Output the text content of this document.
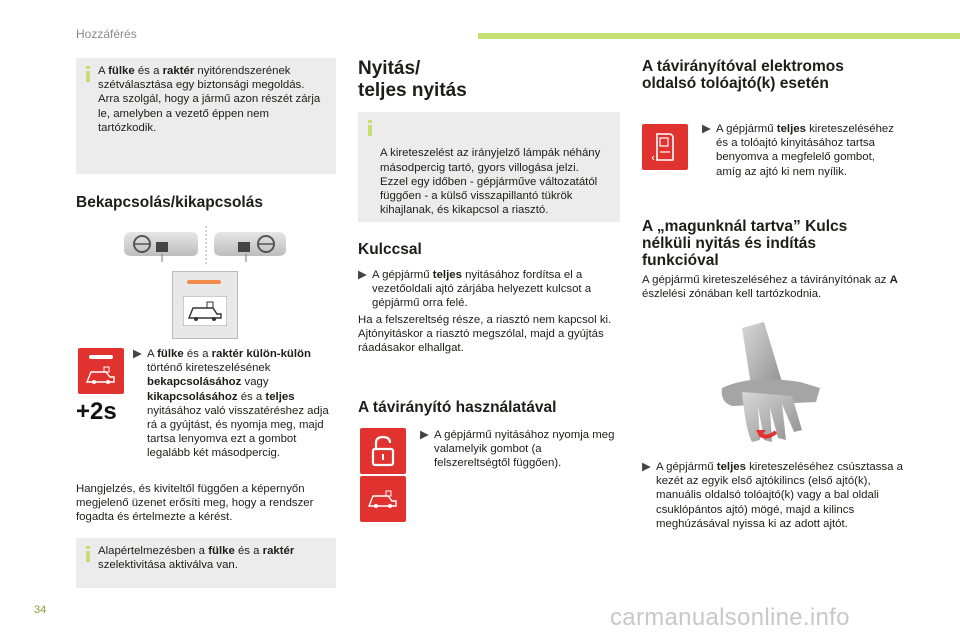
Hozzáférés
A fülke és a raktér nyitórendszerének szétválasztása egy biztonsági megoldás. Arra szolgál, hogy a jármű azon részét zárja le, amelyben a vezető éppen nem tartózkodik.
Bekapcsolás/kikapcsolás
+2s
▶ A fülke és a raktér külön-külön történő kireteszelésének bekapcsolásához vagy kikapcsolásához és a teljes nyitásához való visszatéréshez adja rá a gyújtást, és nyomja meg, majd tartsa lenyomva ezt a gombot legalább két másodpercig.
Hangjelzés, és kiviteltől függően a képernyőn megjelenő üzenet erősíti meg, hogy a rendszer fogadta és értelmezte a kérést.
Alapértelmezésben a fülke és a raktér szelektivitása aktiválva van.
Nyitás/
teljes nyitás

A kireteszelést az irányjelző lámpák néhány másodpercig tartó, gyors villogása jelzi.
Ezzel egy időben - gépjárműve változatától függően - a külső visszapillantó tükrök kihajlanak, és kikapcsol a riasztó.

Kulccsal
▶ A gépjármű teljes nyitásához fordítsa el a vezetőoldali ajtó zárjába helyezett kulcsot a gépjármű orra felé.
Ha a felszereltség része, a riasztó nem kapcsol ki. Ajtónyitáskor a riasztó megszólal, majd a gyújtás ráadásakor elhallgat.
A távirányító használatával
▶ A gépjármű nyitásához nyomja meg valamelyik gombot (a felszereltségtől függően).
A távirányítóval elektromos
oldalsó tolóajtó(k) esetén
▶ A gépjármű teljes kireteszeléséhez és a tolóajtó kinyitásához tartsa benyomva a megfelelő gombot, amíg az ajtó ki nem nyílik.
A „magunknál tartva” Kulcs
nélküli nyitás és indítás
funkcióval
A gépjármű kireteszeléséhez a távirányítónak az A észlelési zónában kell tartózkodnia.
▶ A gépjármű teljes kireteszeléséhez csúsztassa a kezét az egyik első ajtókilincs (első ajtó(k), manuális oldalsó tolóajtó(k) vagy a bal oldali csuklópántos ajtó) mögé, majd a kilincs meghúzásával nyissa ki az adott ajtót.
34	carmanualsonline.info
